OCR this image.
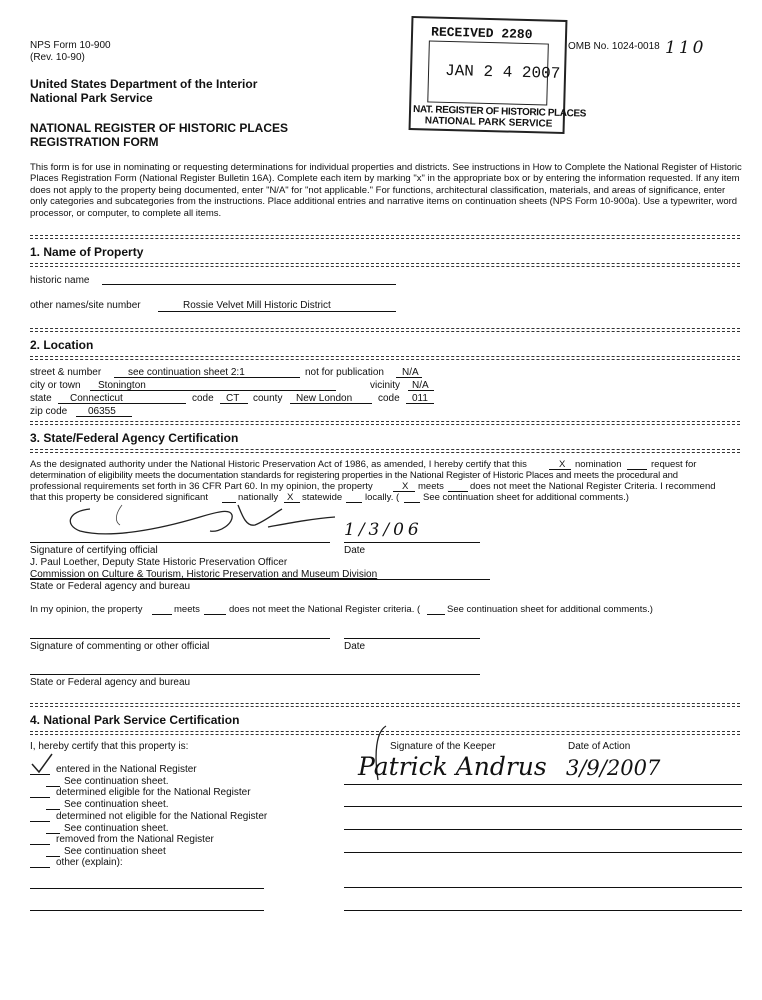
NPS Form 10-900
(Rev. 10-90)
OMB No. 1024-0018 110
United States Department of the Interior
National Park Service
NATIONAL REGISTER OF HISTORIC PLACES
REGISTRATION FORM
RECEIVED 2280
JAN 2 4 2007
NAT. REGISTER OF HISTORIC PLACES
NATIONAL PARK SERVICE
This form is for use in nominating or requesting determinations for individual properties and districts. See instructions in How to Complete the National Register of Historic Places Registration Form (National Register Bulletin 16A). Complete each item by marking "x" in the appropriate box or by entering the information requested. If any item does not apply to the property being documented, enter "N/A" for "not applicable." For functions, architectural classification, materials, and areas of significance, enter only categories and subcategories from the instructions. Place additional entries and narrative items on continuation sheets (NPS Form 10-900a). Use a typewriter, word processor, or computer, to complete all items.
1. Name of Property
historic name
other names/site number	Rossie Velvet Mill Historic District
2. Location
street & number	see continuation sheet 2:1	not for publication N/A
city or town Stonington	vicinity N/A
state Connecticut	code CT county New London	code 011
zip code 06355
3. State/Federal Agency Certification
As the designated authority under the National Historic Preservation Act of 1986, as amended, I hereby certify that this	X nomination	request for
determination of eligibility meets the documentation standards for registering properties in the National Register of Historic Places and meets the procedural and
professional requirements set forth in 36 CFR Part 60. In my opinion, the property	X meets	does not meet the National Register Criteria. I recommend
that this property be considered significant	nationally X statewide locally. (	See continuation sheet for additional comments.)
1/3/06
Signature of certifying official	Date
J. Paul Loether, Deputy State Historic Preservation Officer
Commission on Culture & Tourism, Historic Preservation and Museum Division
State or Federal agency and bureau
In my opinion, the property	meets	does not meet the National Register criteria. (	See continuation sheet for additional comments.)
Signature of commenting or other official	Date
State or Federal agency and bureau
4. National Park Service Certification
I, hereby certify that this property is:	Signature of the Keeper	Date of Action
Patrick Andrus 3/9/2007
entered in the National Register
See continuation sheet.
determined eligible for the National Register
See continuation sheet.
determined not eligible for the National Register
See continuation sheet.
removed from the National Register
See continuation sheet
other (explain):
